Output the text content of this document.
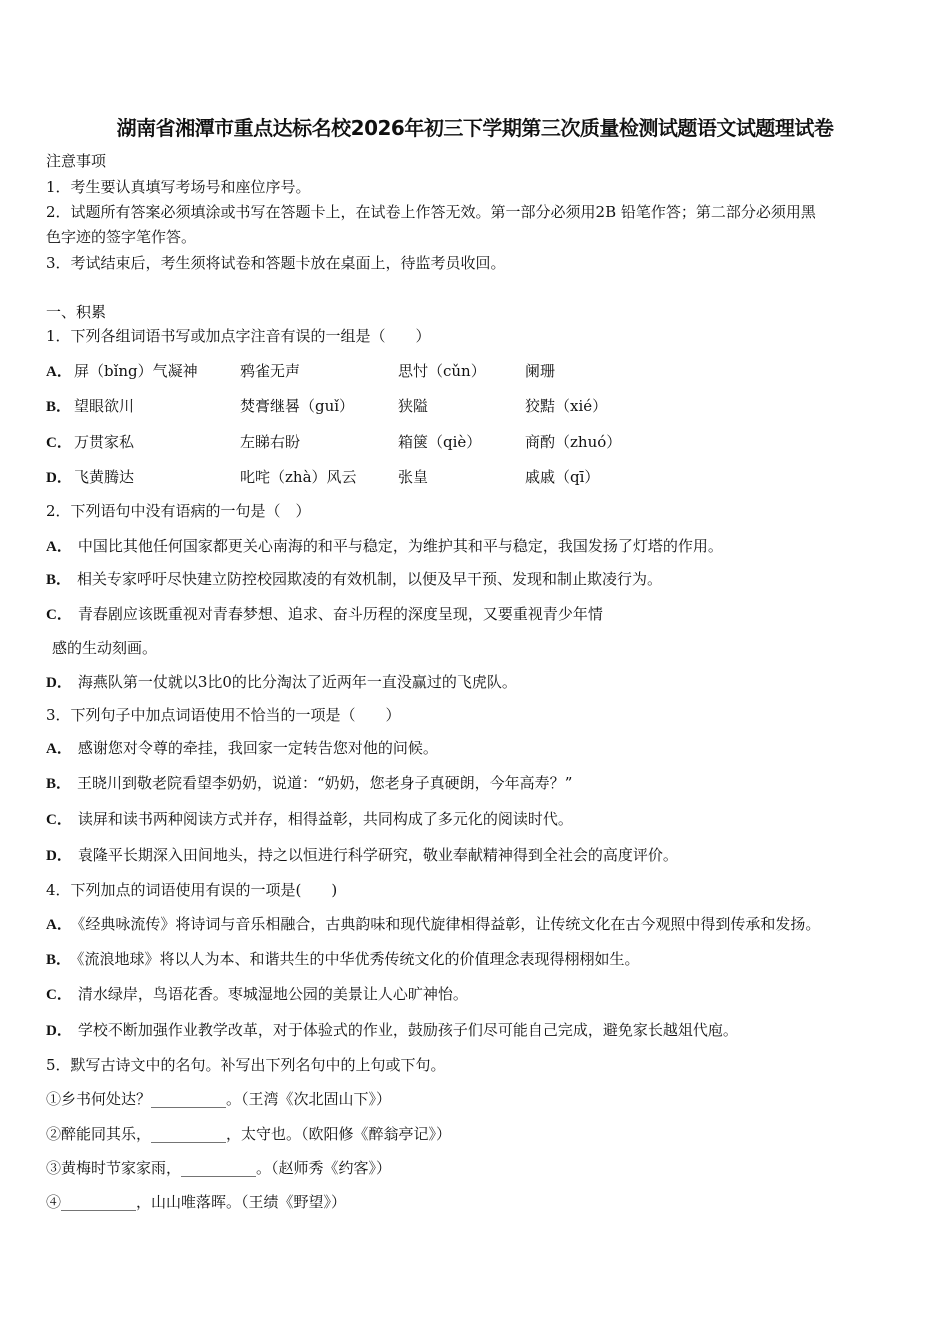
湖南省湘潭市重点达标名校2026年初三下学期第三次质量检测试题语文试题理试卷
注意事项
1．考生要认真填写考场号和座位序号。
2．试题所有答案必须填涂或书写在答题卡上，在试卷上作答无效。第一部分必须用2B 铅笔作答；第二部分必须用黑
色字迹的签字笔作答。
3．考试结束后，考生须将试卷和答题卡放在桌面上，待监考员收回。
一、积累
1．下列各组词语书写或加点字注音有误的一组是（　　）
2．下列语句中没有语病的一句是（　）
3．下列句子中加点词语使用不恰当的一项是（　　）
4．下列加点的词语使用有误的一项是(　　)
5．默写古诗文中的名句。补写出下列名句中的上句或下句。
①乡书何处达？__________。（王湾《次北固山下》）
②醉能同其乐，__________，太守也。（欧阳修《醉翁亭记》）
③黄梅时节家家雨，__________。（赵师秀《约客》）
④__________，山山唯落晖。（王绩《野望》）
A． 屏（bǐng）气凝神	鸦雀无声	思忖（cǔn）	阑珊
B． 望眼欲川	焚膏继晷（guǐ）	狭隘	狡黠（xié）
C． 万贯家私	左睇右盼	箱箧（qiè）	商酌（zhuó）
D． 飞黄腾达	叱咤（zhà）风云	张皇	戚戚（qī）
A． 中国比其他任何国家都更关心南海的和平与稳定，为维护其和平与稳定，我国发扬了灯塔的作用。
B． 相关专家呼吁尽快建立防控校园欺凌的有效机制，以便及早干预、发现和制止欺凌行为。
C． 青春剧应该既重视对青春梦想、追求、奋斗历程的深度呈现，又要重视青少年情
感的生动刻画。
D． 海燕队第一仗就以3比0的比分淘汰了近两年一直没赢过的飞虎队。
A． 感谢您对令尊的牵挂，我回家一定转告您对他的问候。
B． 王晓川到敬老院看望李奶奶，说道：“奶奶，您老身子真硬朗，今年高寿？”
C． 读屏和读书两种阅读方式并存，相得益彰，共同构成了多元化的阅读时代。
D． 袁隆平长期深入田间地头，持之以恒进行科学研究，敬业奉献精神得到全社会的高度评价。
A． 《经典咏流传》将诗词与音乐相融合，古典韵味和现代旋律相得益彰，让传统文化在古今观照中得到传承和发扬。
B． 《流浪地球》将以人为本、和谐共生的中华优秀传统文化的价值理念表现得栩栩如生。
C． 清水绿岸，鸟语花香。枣城湿地公园的美景让人心旷神怡。
D． 学校不断加强作业教学改革，对于体验式的作业，鼓励孩子们尽可能自己完成，避免家长越俎代庖。
